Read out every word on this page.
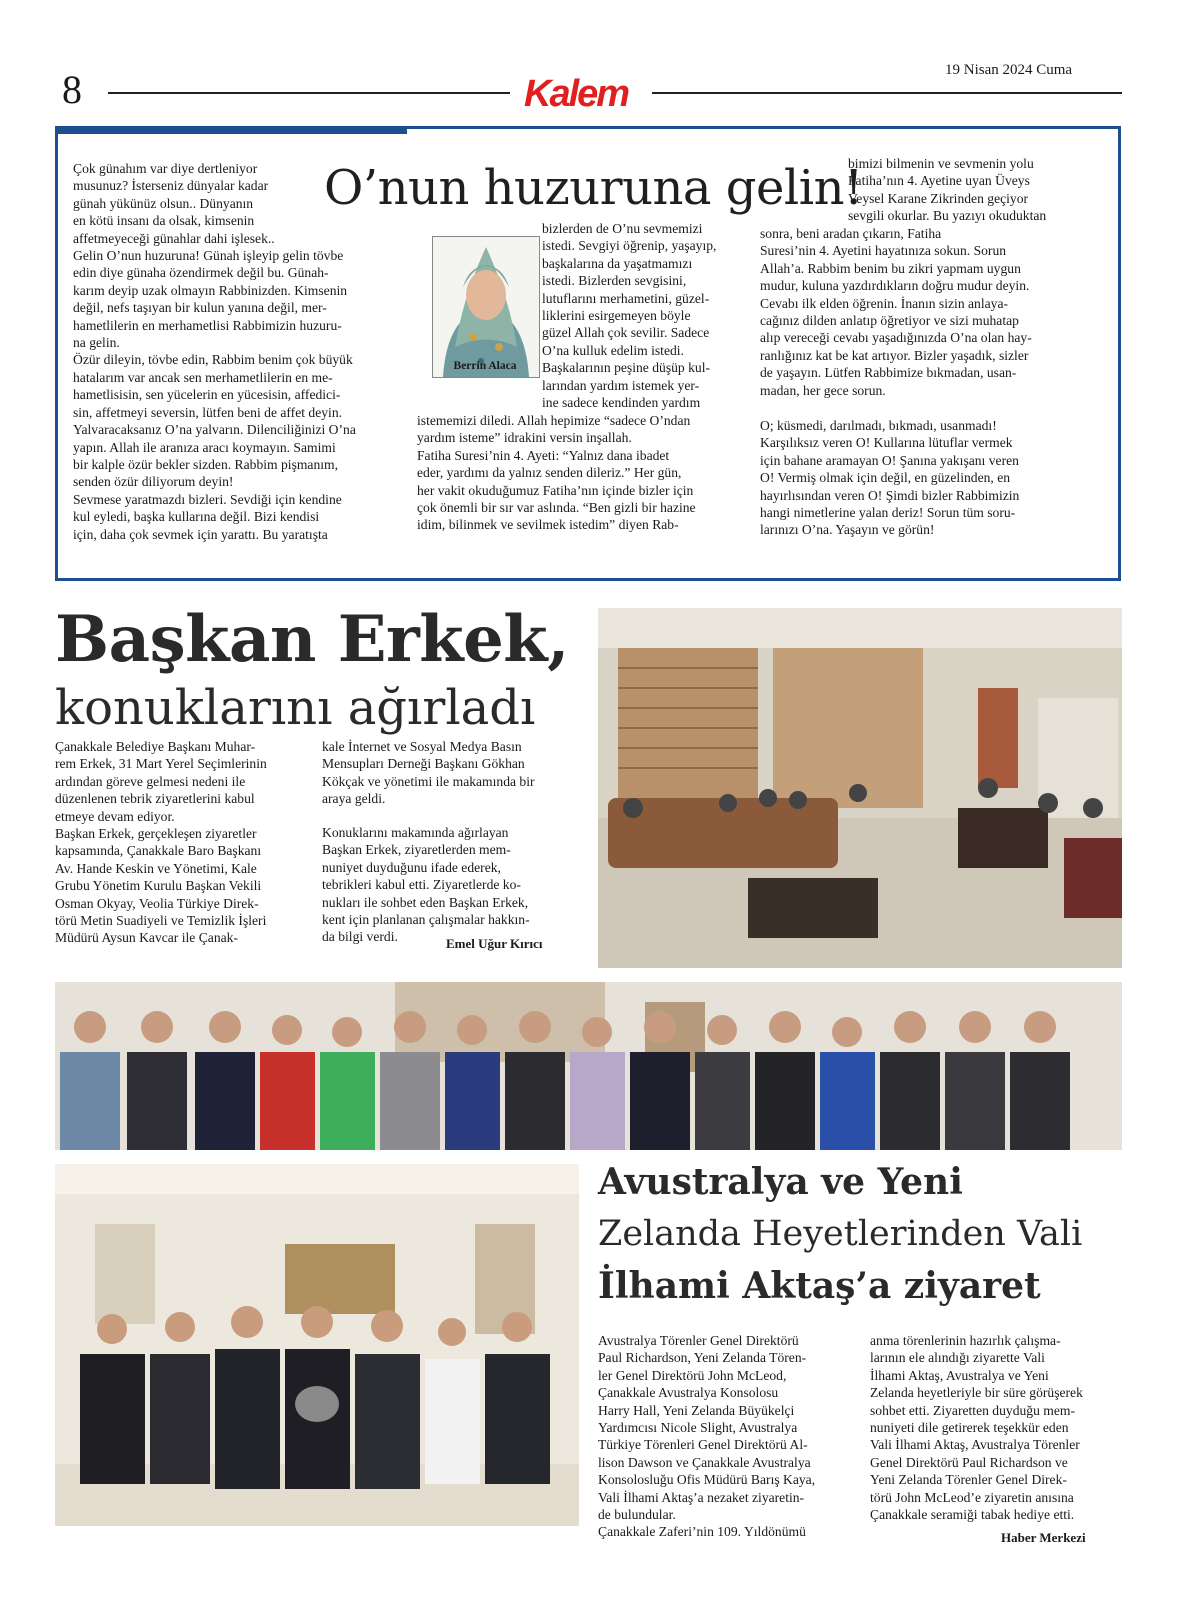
8	Kalem
19 Nisan 2024 Cuma
O’nun huzuruna gelin!

Çok günahım var diye dertleniyor

musunuz? İsterseniz dünyalar kadar

günah yükünüz olsun.. Dünyanın

en kötü insanı da olsak, kimsenin

affetmeyeceği günahlar dahi işlesek..

Gelin O’nun huzuruna! Günah işleyip gelin tövbe

edin diye günaha özendirmek değil bu. Günah-

karım deyip uzak olmayın Rabbinizden. Kimsenin

değil, nefs taşıyan bir kulun yanına değil, mer-

hametlilerin en merhametlisi Rabbimizin huzuru-

na gelin.

Özür dileyin, tövbe edin, Rabbim benim çok büyük

hatalarım var ancak sen merhametlilerin en me-

hametlisisin, sen yücelerin en yücesisin, affedici-

sin, affetmeyi seversin, lütfen beni de affet deyin.

Yalvaracaksanız O’na yalvarın. Dilenciliğinizi O’na

yapın. Allah ile aranıza aracı koymayın. Samimi

bir kalple özür bekler sizden. Rabbim pişmanım,

senden özür diliyorum deyin!

Sevmese yaratmazdı bizleri. Sevdiği için kendine

kul eyledi, başka kullarına değil. Bizi kendisi

için, daha çok sevmek için yarattı. Bu yaratışta

Berrin Alaca

bizlerden de O’nu sevmemizi

istedi. Sevgiyi öğrenip, yaşayıp,

başkalarına da yaşatmamızı

istedi. Bizlerden sevgisini,

lutuflarını merhametini, güzel-

liklerini esirgemeyen böyle

güzel Allah çok sevilir. Sadece

O’na kulluk edelim istedi.

Başkalarının peşine düşüp kul-

larından yardım istemek yer-

ine sadece kendinden yardım

istememizi diledi. Allah hepimize “sadece O’ndan

yardım isteme” idrakini versin inşallah.

Fatiha Suresi’nin 4. Ayeti: “Yalnız dana ibadet

eder, yardımı da yalnız senden dileriz.” Her gün,

her vakit okuduğumuz Fatiha’nın içinde bizler için

çok önemli bir sır var aslında. “Ben gizli bir hazine

idim, bilinmek ve sevilmek istedim” diyen Rab-

bimizi bilmenin ve sevmenin yolu

Fatiha’nın 4. Ayetine uyan Üveys

Veysel Karane Zikrinden geçiyor

sevgili okurlar. Bu yazıyı okuduktan

sonra, beni aradan çıkarın, Fatiha

Suresi’nin 4. Ayetini hayatınıza sokun. Sorun

Allah’a. Rabbim benim bu zikri yapmam uygun

mudur, kuluna yazdırdıkların doğru mudur deyin.

Cevabı ilk elden öğrenin. İnanın sizin anlaya-

cağınız dilden anlatıp öğretiyor ve sizi muhatap

alıp vereceği cevabı yaşadığınızda O’na olan hay-

ranlığınız kat be kat artıyor. Bizler yaşadık, sizler

de yaşayın. Lütfen Rabbimize bıkmadan, usan-

madan, her gece sorun.

O; küsmedi, darılmadı, bıkmadı, usanmadı!

Karşılıksız veren O! Kullarına lütuflar vermek

için bahane aramayan O! Şanına yakışanı veren

O! Vermiş olmak için değil, en güzelinden, en

hayırlısından veren O! Şimdi bizler Rabbimizin

hangi nimetlerine yalan deriz! Sorun tüm soru-

larınızı O’na. Yaşayın ve görün!

Başkan Erkek,
konuklarını ağırladı

Çanakkale Belediye Başkanı Muhar-

rem Erkek, 31 Mart Yerel Seçimlerinin

ardından göreve gelmesi nedeni ile

düzenlenen tebrik ziyaretlerini kabul

etmeye devam ediyor.

Başkan Erkek, gerçekleşen ziyaretler

kapsamında, Çanakkale Baro Başkanı

Av. Hande Keskin ve Yönetimi, Kale

Grubu Yönetim Kurulu Başkan Vekili

Osman Okyay, Veolia Türkiye Direk-

törü Metin Suadiyeli ve Temizlik İşleri

Müdürü Aysun Kavcar ile Çanak-

kale İnternet ve Sosyal Medya Basın

Mensupları Derneği Başkanı Gökhan

Kökçak ve yönetimi ile makamında bir

araya geldi.

Konuklarını makamında ağırlayan

Başkan Erkek, ziyaretlerden mem-

nuniyet duyduğunu ifade ederek,

tebrikleri kabul etti. Ziyaretlerde ko-

nukları ile sohbet eden Başkan Erkek,

kent için planlanan çalışmalar hakkın-

da bilgi verdi.	Emel Uğur Kırıcı
Avustralya ve Yeni
Zelanda Heyetlerinden Vali
İlhami Aktaş’a ziyaret

Avustralya Törenler Genel Direktörü

Paul Richardson, Yeni Zelanda Tören-

ler Genel Direktörü John McLeod,

Çanakkale Avustralya Konsolosu

Harry Hall, Yeni Zelanda Büyükelçi

Yardımcısı Nicole Slight, Avustralya

Türkiye Törenleri Genel Direktörü Al-

lison Dawson ve Çanakkale Avustralya

Konsolosluğu Ofis Müdürü Barış Kaya,

Vali İlhami Aktaş’a nezaket ziyaretin-

de bulundular.

Çanakkale Zaferi’nin 109. Yıldönümü

anma törenlerinin hazırlık çalışma-

larının ele alındığı ziyarette Vali

İlhami Aktaş, Avustralya ve Yeni

Zelanda heyetleriyle bir süre görüşerek

sohbet etti. Ziyaretten duyduğu mem-

nuniyeti dile getirerek teşekkür eden

Vali İlhami Aktaş, Avustralya Törenler

Genel Direktörü Paul Richardson ve

Yeni Zelanda Törenler Genel Direk-

törü John McLeod’e ziyaretin anısına

Çanakkale seramiği tabak hediye etti.

Haber Merkezi
